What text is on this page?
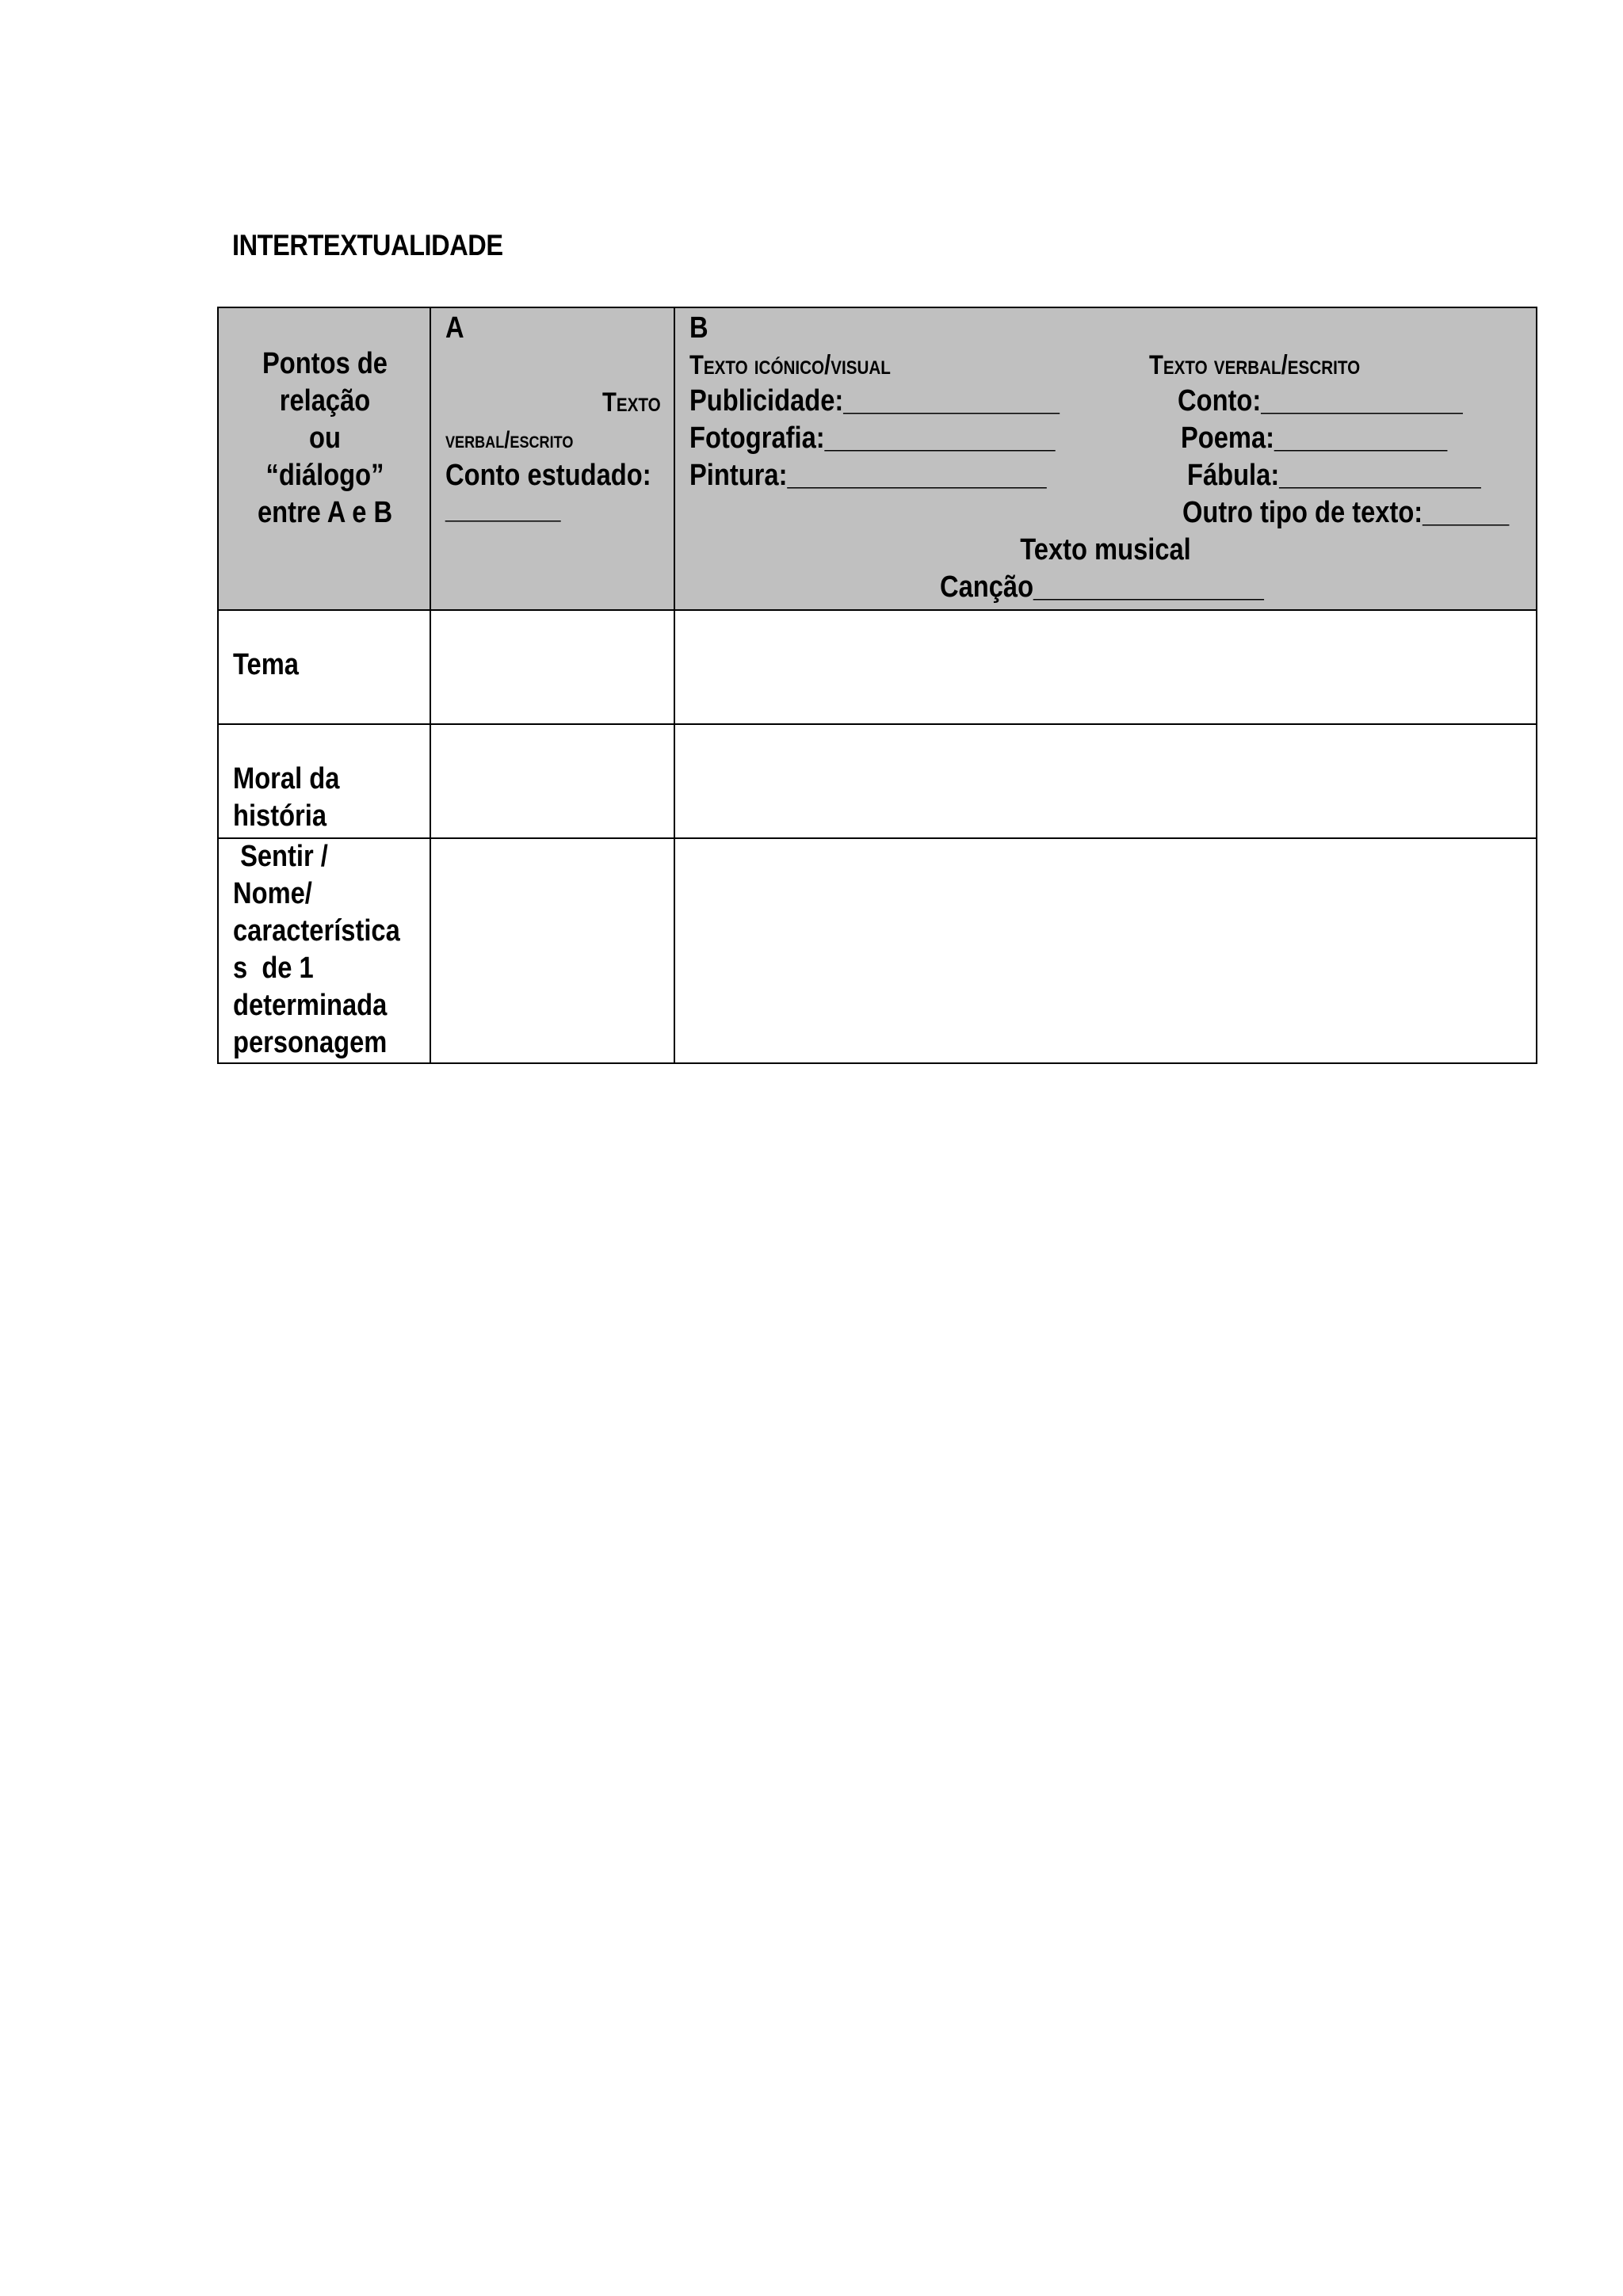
INTERTEXTUALIDADE
Pontos de
relação
ou
“diálogo”
entre A e B
A
Texto
verbal/escrito
Conto estudado:
________
B
Texto icónico/visual	Texto verbal/escrito
Publicidade:_______________
Fotografia:________________
Pintura:__________________
Conto:______________
Poema:____________
Fábula:______________
Outro tipo de texto:______
Texto musical
Canção________________
Tema
Moral da
história
Sentir /
Nome/
característica
s  de 1
determinada
personagem
